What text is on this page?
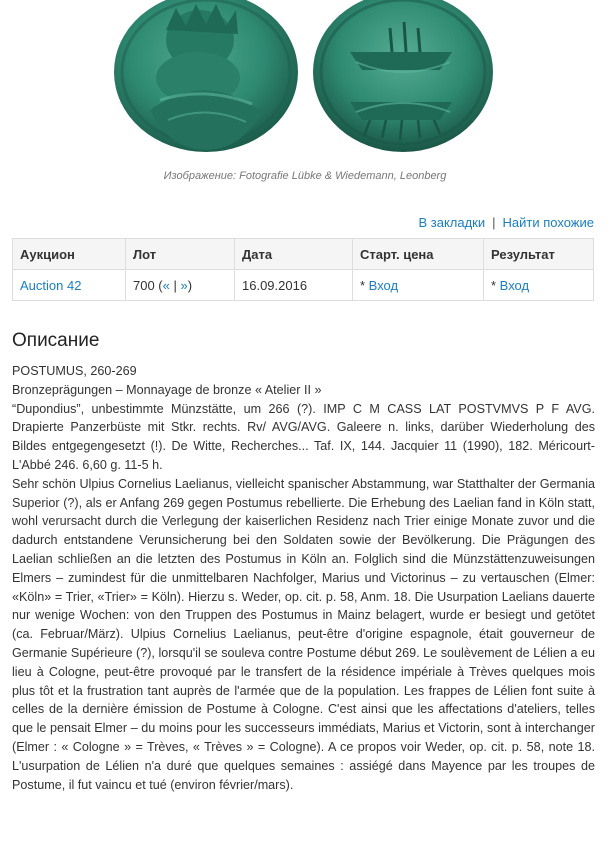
Изображение: Fotografie Lübke & Wiedemann, Leonberg
В закладки | Найти похожие
Аукцион	Лот	Дата	Старт. цена	Результат
Auction 42	700 (« | »)	16.09.2016	* Вход	* Вход
Описание

POSTUMUS, 260-269

Bronzeprägungen – Monnayage de bronze « Atelier II »

“Dupondius”, unbestimmte Münzstätte, um 266 (?). IMP C M CASS LAT POSTVMVS P F AVG. Drapierte Panzerbüste mit Stkr. rechts. Rv/ AVG/AVG. Galeere n. links, darüber Wiederholung des Bildes entgegengesetzt (!). De Witte, Recherches... Taf. IX, 144. Jacquier 11 (1990), 182. Méricourt-L'Abbé 246. 6,60 g. 11-5 h.

Sehr schön Ulpius Cornelius Laelianus, vielleicht spanischer Abstammung, war Statthalter der Germania Superior (?), als er Anfang 269 gegen Postumus rebellierte. Die Erhebung des Laelian fand in Köln statt, wohl verursacht durch die Verlegung der kaiserlichen Residenz nach Trier einige Monate zuvor und die dadurch entstandene Verunsicherung bei den Soldaten sowie der Bevölkerung. Die Prägungen des Laelian schließen an die letzten des Postumus in Köln an. Folglich sind die Münzstättenzuweisungen Elmers – zumindest für die unmittelbaren Nachfolger, Marius und Victorinus – zu vertauschen (Elmer: «Köln» = Trier, «Trier» = Köln). Hierzu s. Weder, op. cit. p. 58, Anm. 18. Die Usurpation Laelians dauerte nur wenige Wochen: von den Truppen des Postumus in Mainz belagert, wurde er besiegt und getötet (ca. Februar/März). Ulpius Cornelius Laelianus, peut-être d'origine espagnole, était gouverneur de Germanie Supérieure (?), lorsqu'il se souleva contre Postume début 269. Le soulèvement de Lélien a eu lieu à Cologne, peut-être provoqué par le transfert de la résidence impériale à Trèves quelques mois plus tôt et la frustration tant auprès de l'armée que de la population. Les frappes de Lélien font suite à celles de la dernière émission de Postume à Cologne. C'est ainsi que les affectations d'ateliers, telles que le pensait Elmer – du moins pour les successeurs immédiats, Marius et Victorin, sont à interchanger (Elmer : « Cologne » = Trèves, « Trèves » = Cologne). A ce propos voir Weder, op. cit. p. 58, note 18. L'usurpation de Lélien n'a duré que quelques semaines : assiégé dans Mayence par les troupes de Postume, il fut vaincu et tué (environ février/mars).
